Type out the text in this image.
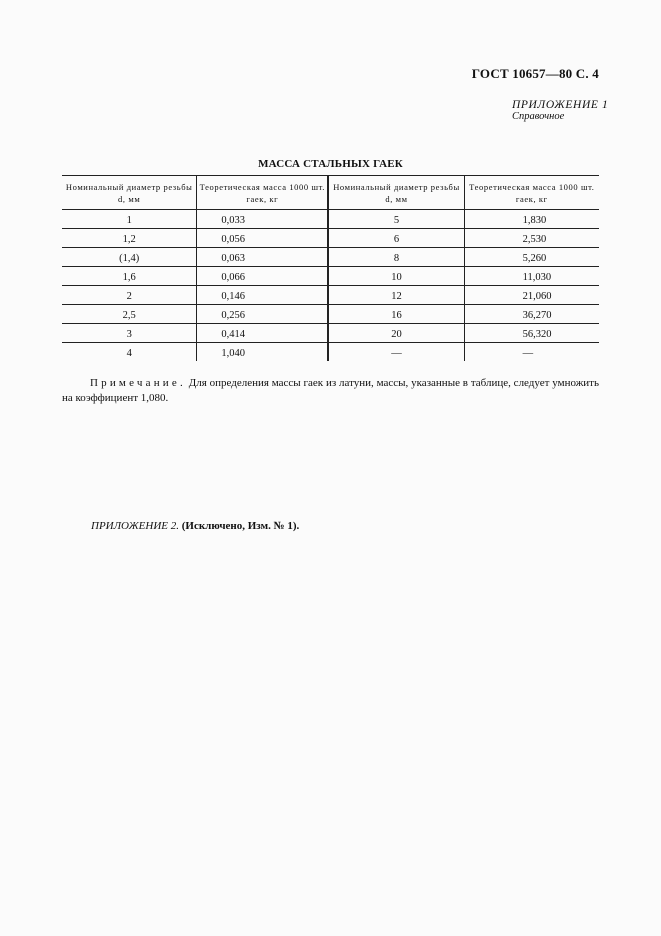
ГОСТ 10657—80 С. 4
ПРИЛОЖЕНИЕ 1
Справочное
МАССА СТАЛЬНЫХ ГАЕК
Номинальный диаметр резьбы d, мм	Теоретическая масса 1000 шт. гаек, кг	Номинальный диаметр резьбы d, мм	Теоретическая масса 1000 шт. гаек, кг
1	0,033	5	1,830
1,2	0,056	6	2,530
(1,4)	0,063	8	5,260
1,6	0,066	10	11,030
2	0,146	12	21,060
2,5	0,256	16	36,270
3	0,414	20	56,320
4	1,040	—	—
Примечание. Для определения массы гаек из латуни, массы, указанные в таблице, следует умножить на коэффициент 1,080.
ПРИЛОЖЕНИЕ 2. (Исключено, Изм. № 1).
